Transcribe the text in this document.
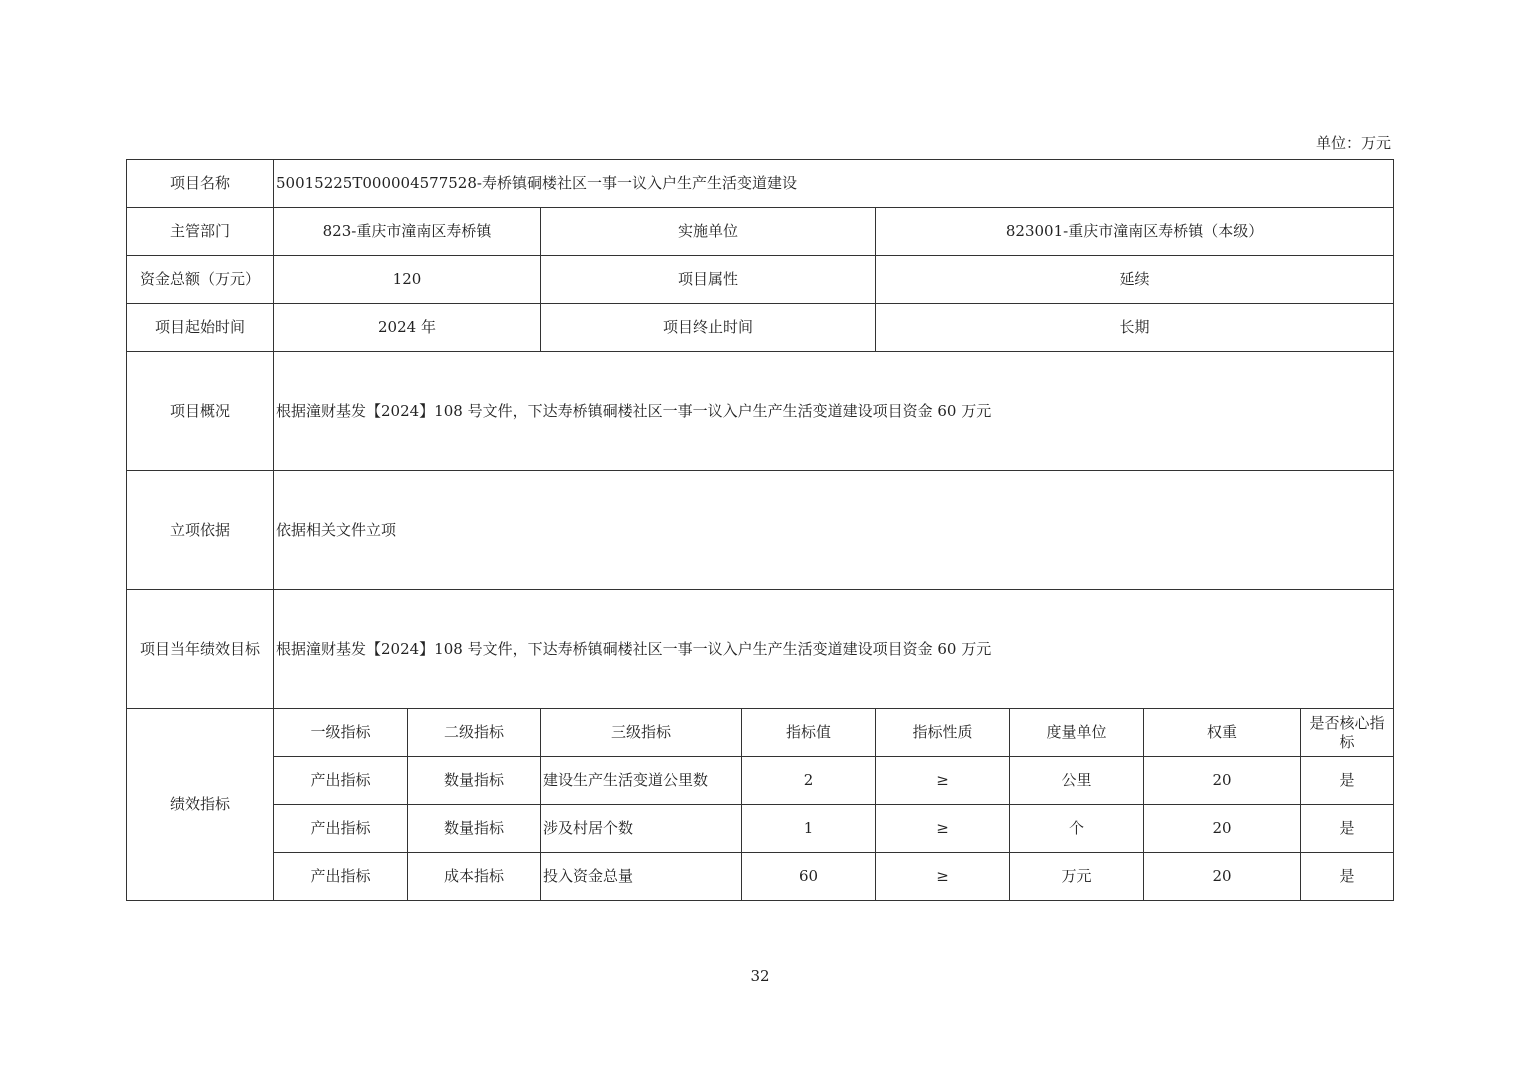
单位：万元
项目名称	50015225T000004577528-寿桥镇硐楼社区一事一议入户生产生活变道建设							
主管部门	823-重庆市潼南区寿桥镇		实施单位		823001-重庆市潼南区寿桥镇（本级）			
资金总额（万元）	120		项目属性		延续			
项目起始时间	2024 年		项目终止时间		长期			
项目概况	根据潼财基发【2024】108 号文件，下达寿桥镇硐楼社区一事一议入户生产生活变道建设项目资金 60 万元							
立项依据	依据相关文件立项							
项目当年绩效目标	根据潼财基发【2024】108 号文件，下达寿桥镇硐楼社区一事一议入户生产生活变道建设项目资金 60 万元							
绩效指标	一级指标	二级指标	三级指标	指标值	指标性质	度量单位	权重	是否核心指标
	产出指标	数量指标	建设生产生活变道公里数	2	≥	公里	20	是
	产出指标	数量指标	涉及村居个数	1	≥	个	20	是
	产出指标	成本指标	投入资金总量	60	≥	万元	20	是
32
